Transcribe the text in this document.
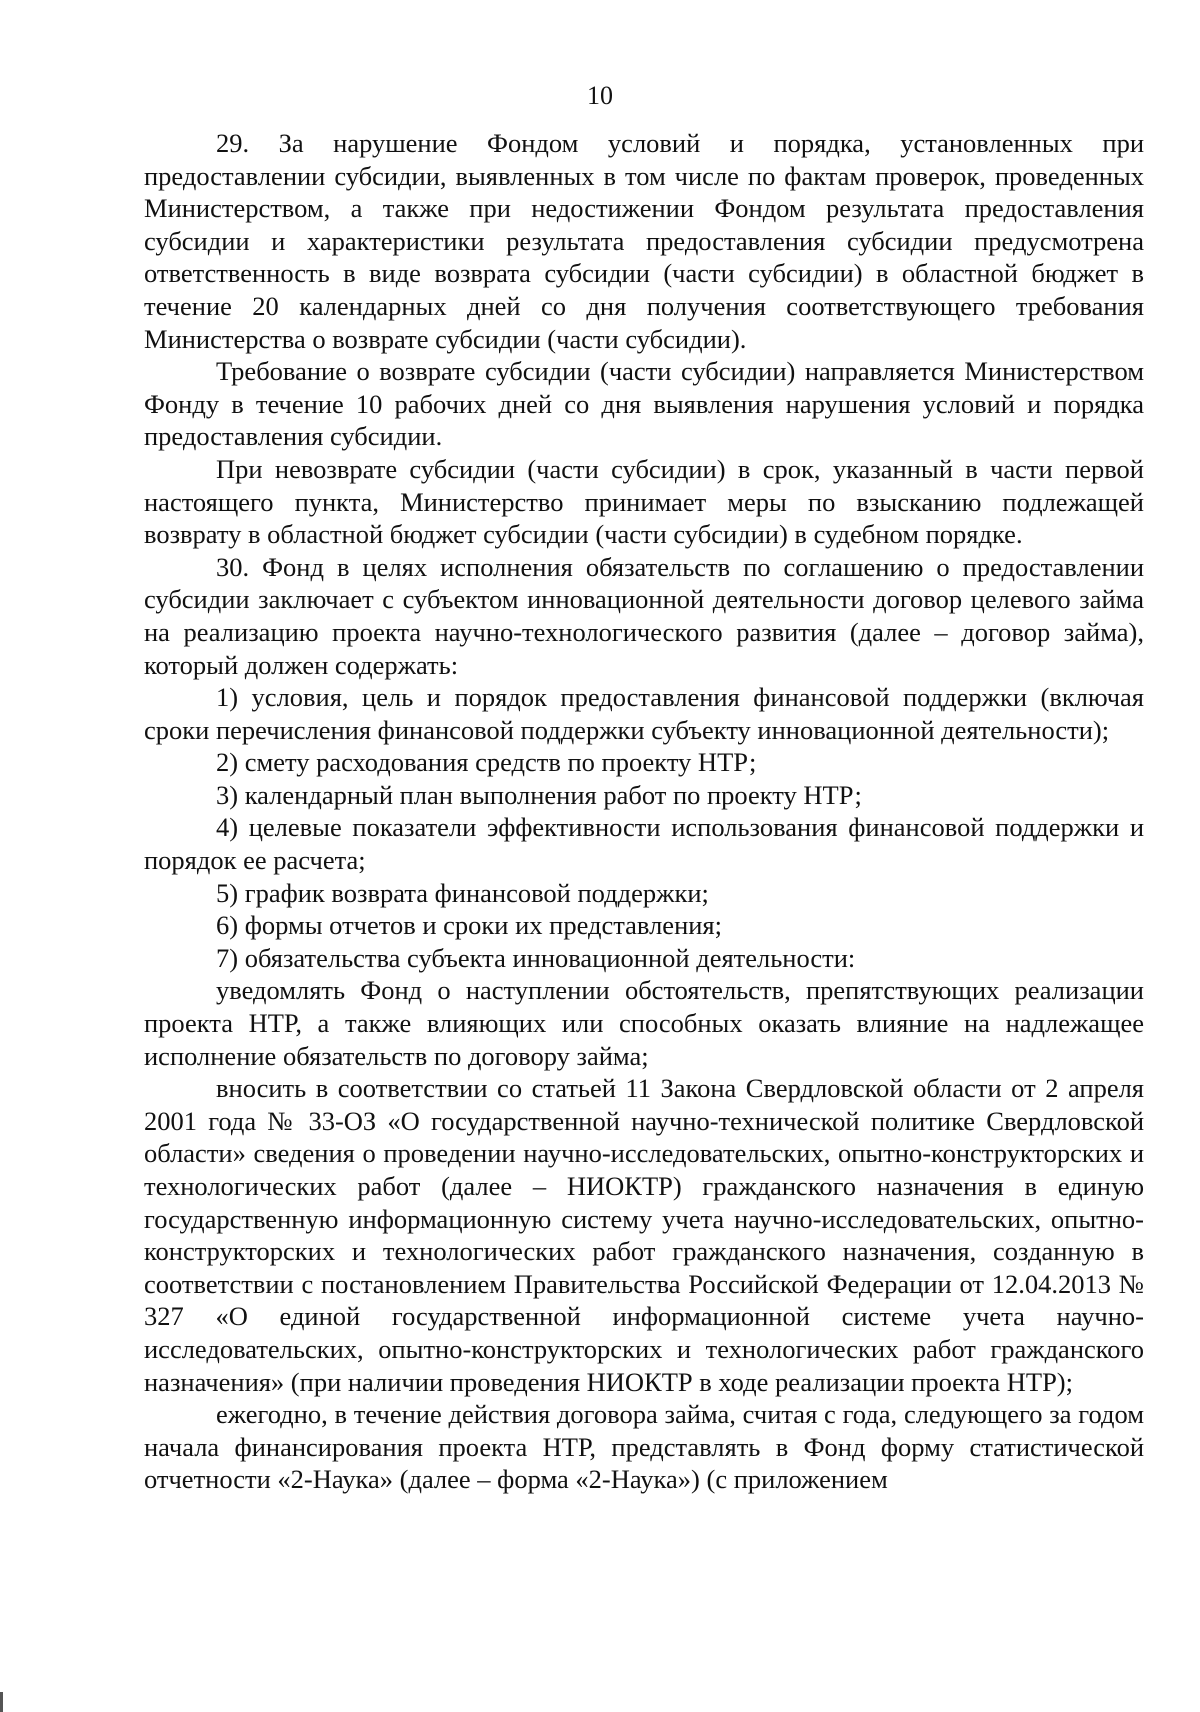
10

29. За нарушение Фондом условий и порядка, установленных при предоставлении субсидии, выявленных в том числе по фактам проверок, проведенных Министерством, а также при недостижении Фондом результата предоставления субсидии и характеристики результата предоставления субсидии предусмотрена ответственность в виде возврата субсидии (части субсидии) в областной бюджет в течение 20 календарных дней со дня получения соответствующего требования Министерства о возврате субсидии (части субсидии).

Требование о возврате субсидии (части субсидии) направляется Министерством Фонду в течение 10 рабочих дней со дня выявления нарушения условий и порядка предоставления субсидии.

При невозврате субсидии (части субсидии) в срок, указанный в части первой настоящего пункта, Министерство принимает меры по взысканию подлежащей возврату в областной бюджет субсидии (части субсидии) в судебном порядке.

30. Фонд в целях исполнения обязательств по соглашению о предоставлении субсидии заключает с субъектом инновационной деятельности договор целевого займа на реализацию проекта научно-технологического развития (далее – договор займа), который должен содержать:

1) условия, цель и порядок предоставления финансовой поддержки (включая сроки перечисления финансовой поддержки субъекту инновационной деятельности);

2) смету расходования средств по проекту НТР;

3) календарный план выполнения работ по проекту НТР;

4) целевые показатели эффективности использования финансовой поддержки и порядок ее расчета;

5) график возврата финансовой поддержки;

6) формы отчетов и сроки их представления;

7) обязательства субъекта инновационной деятельности:

уведомлять Фонд о наступлении обстоятельств, препятствующих реализации проекта НТР, а также влияющих или способных оказать влияние на надлежащее исполнение обязательств по договору займа;

вносить в соответствии со статьей 11 Закона Свердловской области от 2 апреля 2001 года № 33-ОЗ «О государственной научно-технической политике Свердловской области» сведения о проведении научно-исследовательских, опытно-конструкторских и технологических работ (далее – НИОКТР) гражданского назначения в единую государственную информационную систему учета научно-исследовательских, опытно-конструкторских и технологических работ гражданского назначения, созданную в соответствии с постановлением Правительства Российской Федерации от 12.04.2013 № 327 «О единой государственной информационной системе учета научно-исследовательских, опытно-конструкторских и технологических работ гражданского назначения» (при наличии проведения НИОКТР в ходе реализации проекта НТР);

ежегодно, в течение действия договора займа, считая с года, следующего за годом начала финансирования проекта НТР, представлять в Фонд форму статистической отчетности «2-Наука» (далее – форма «2-Наука») (с приложением
